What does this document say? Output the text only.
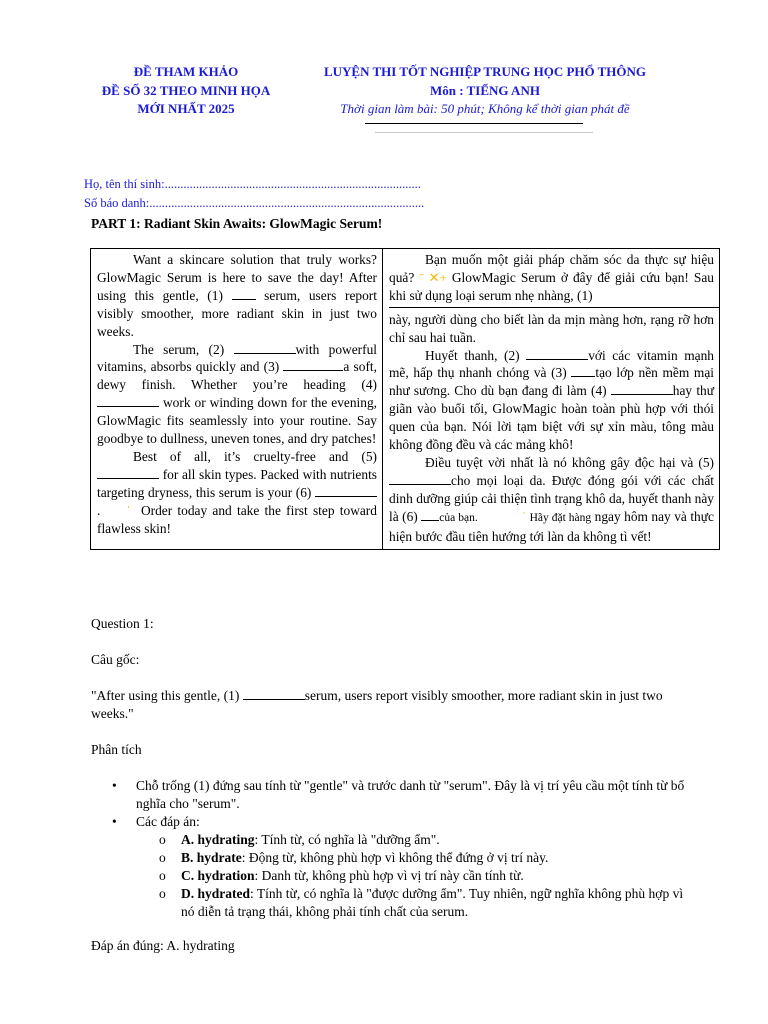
ĐỀ THAM KHẢO
ĐỀ SỐ 32 THEO MINH HỌA
MỚI NHẤT 2025
LUYỆN THI TỐT NGHIỆP TRUNG HỌC PHỔ THÔNG
Môn : TIẾNG ANH
Thời gian làm bài: 50 phút; Không kể thời gian phát đề
Họ, tên thí sinh:..................................................................................
Số báo danh:........................................................................................
PART 1: Radiant Skin Awaits: GlowMagic Serum!

Want a skincare solution that truly works? GlowMagic Serum is here to save the day! After using this gentle, (1)	serum, users report visibly smoother, more radiant skin in just two weeks.

The serum, (2)	with powerful vitamins, absorbs quickly and (3)	a soft, dewy finish. Whether you’re heading (4)  work or winding down for the evening, GlowMagic fits seamlessly into your routine. Say goodbye to dullness, uneven tones, and dry patches!

Best of all, it’s cruelty-free and (5)  for all skin types. Packed with nutrients targeting dryness, this serum is your (6) .     ˈ  Order today and take the first step toward flawless skin!

Bạn muốn một giải pháp chăm sóc da thực sự hiệu quả? ˉ ✕+ GlowMagic Serum ở đây để giải cứu bạn! Sau khi sử dụng loại serum nhẹ nhàng, (1)
này, người dùng cho biết làn da mịn màng hơn, rạng rỡ hơn chỉ sau hai tuần.

Huyết thanh, (2)	với các vitamin mạnh mẽ, hấp thụ nhanh chóng và (3) tạo lớp nền mềm mại như sương. Cho dù bạn đang đi làm (4)	hay thư giãn vào buổi tối, GlowMagic hoàn toàn phù hợp với thói quen của bạn. Nói lời tạm biệt với sự xỉn màu, tông màu không đồng đều và các mảng khô!

Điều tuyệt vời nhất là nó không gây độc hại và (5) cho mọi loại da. Được đóng gói với các chất dinh dưỡng giúp cải thiện tình trạng khô da, huyết thanh này là (6) của bạn.             ˈ Hãy đặt hàng ngay hôm nay và thực hiện bước đầu tiên hướng tới làn da không tì vết!

Question 1:
Câu gốc:
"After using this gentle, (1)	serum, users report visibly smoother, more radiant skin in just two weeks."
Phân tích
• Chỗ trống (1) đứng sau tính từ "gentle" và trước danh từ "serum". Đây là vị trí yêu cầu một tính từ bổ nghĩa cho "serum".
• Các đáp án:
o A. hydrating: Tính từ, có nghĩa là "dưỡng ẩm".
o B. hydrate: Động từ, không phù hợp vì không thể đứng ở vị trí này.
o C. hydration: Danh từ, không phù hợp vì vị trí này cần tính từ.
o D. hydrated: Tính từ, có nghĩa là "được dưỡng ẩm". Tuy nhiên, ngữ nghĩa không phù hợp vì nó diễn tả trạng thái, không phải tính chất của serum.
Đáp án đúng: A. hydrating
